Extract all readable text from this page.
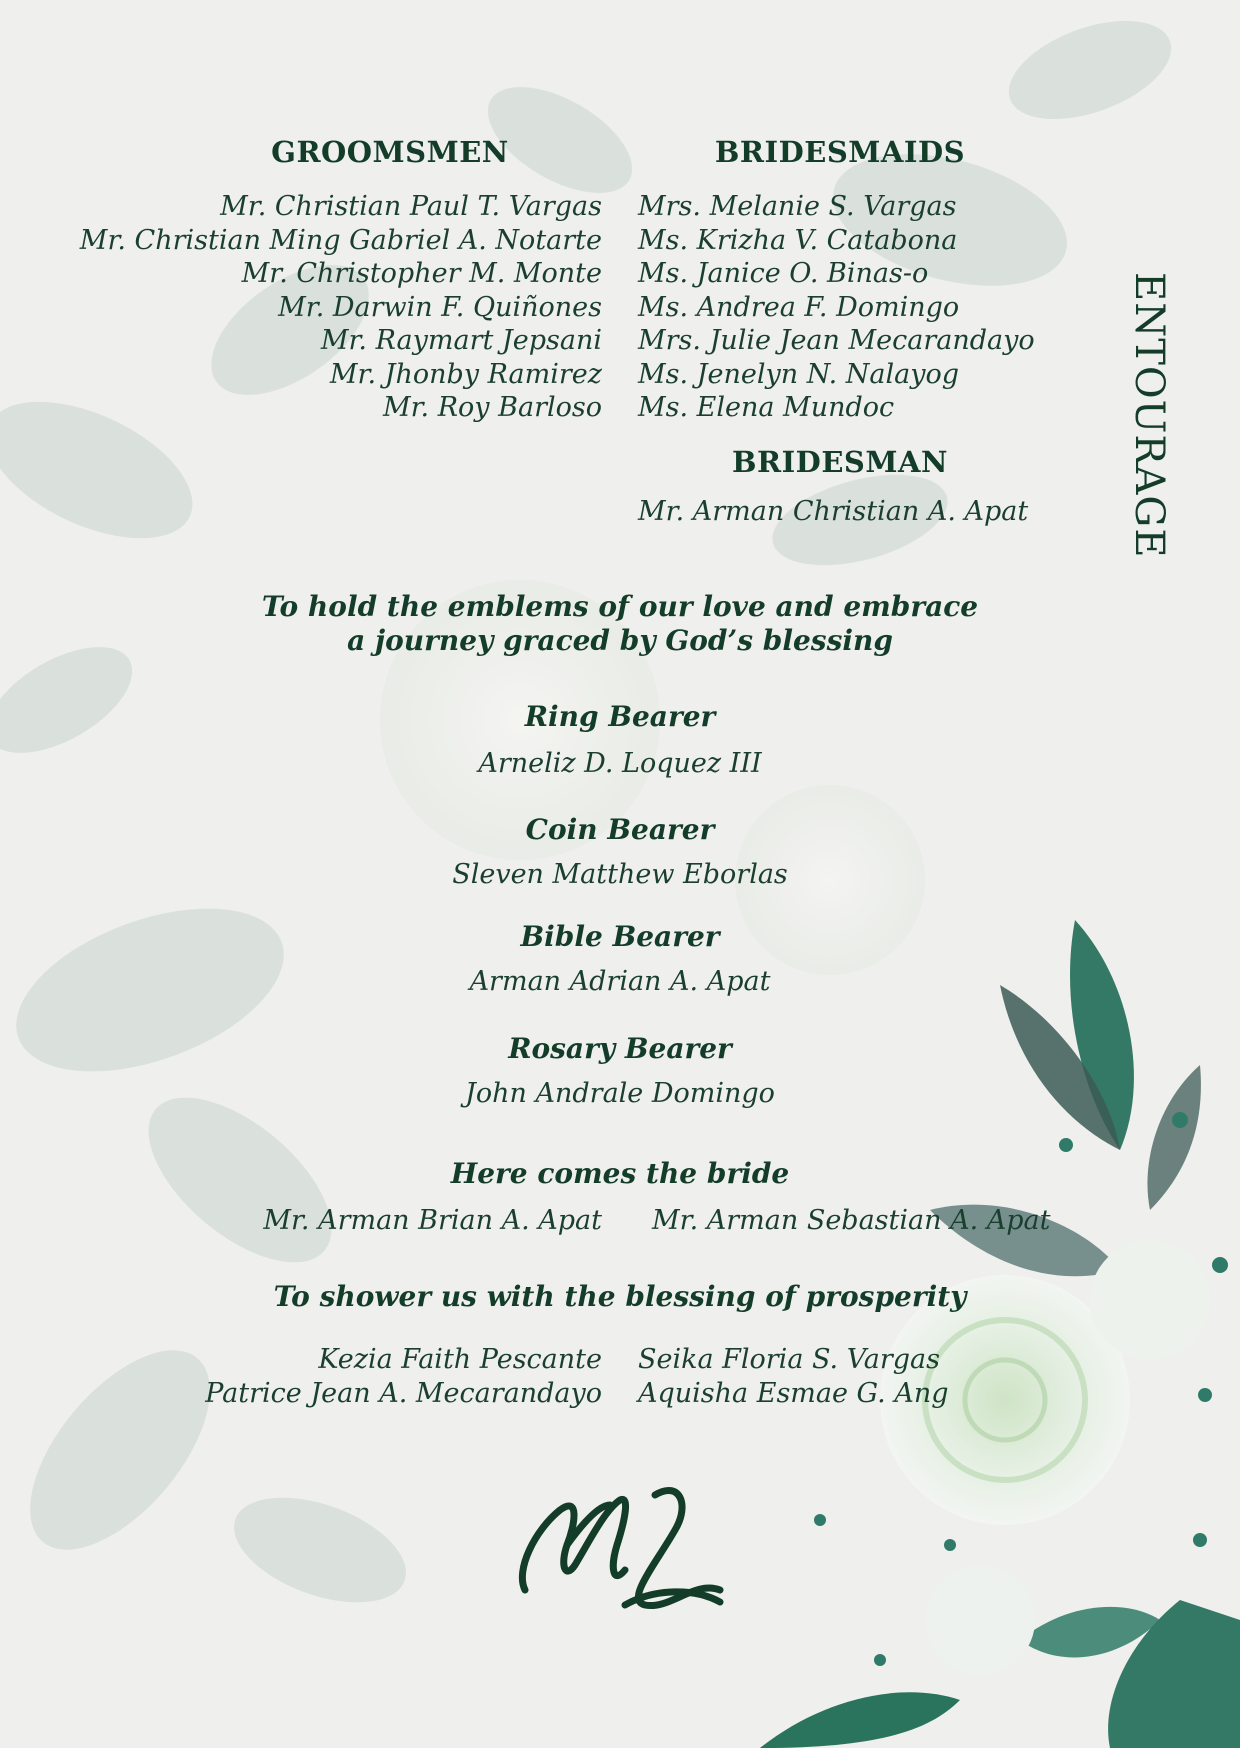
ENTOURAGE
GROOMSMEN
Mr. Christian Paul T. Vargas
Mr. Christian Ming Gabriel A. Notarte
Mr. Christopher M. Monte
Mr. Darwin F. Quiñones
Mr. Raymart Jepsani
Mr. Jhonby Ramirez
Mr. Roy Barloso
BRIDESMAIDS
Mrs. Melanie S. Vargas
Ms. Krizha V. Catabona
Ms. Janice O. Binas-o
Ms. Andrea F. Domingo
Mrs. Julie Jean Mecarandayo
Ms. Jenelyn N. Nalayog
Ms. Elena Mundoc
BRIDESMAN
Mr. Arman Christian A. Apat
To hold the emblems of our love and embrace
a journey graced by God’s blessing
Ring Bearer
Arneliz D. Loquez III
Coin Bearer
Sleven Matthew Eborlas
Bible Bearer
Arman Adrian A. Apat
Rosary Bearer
John Andrale Domingo
Here comes the bride
Mr. Arman Brian A. Apat Mr. Arman Sebastian A. Apat
To shower us with the blessing of prosperity
Kezia Faith Pescante
Patrice Jean A. Mecarandayo
Seika Floria S. Vargas
Aquisha Esmae G. Ang
